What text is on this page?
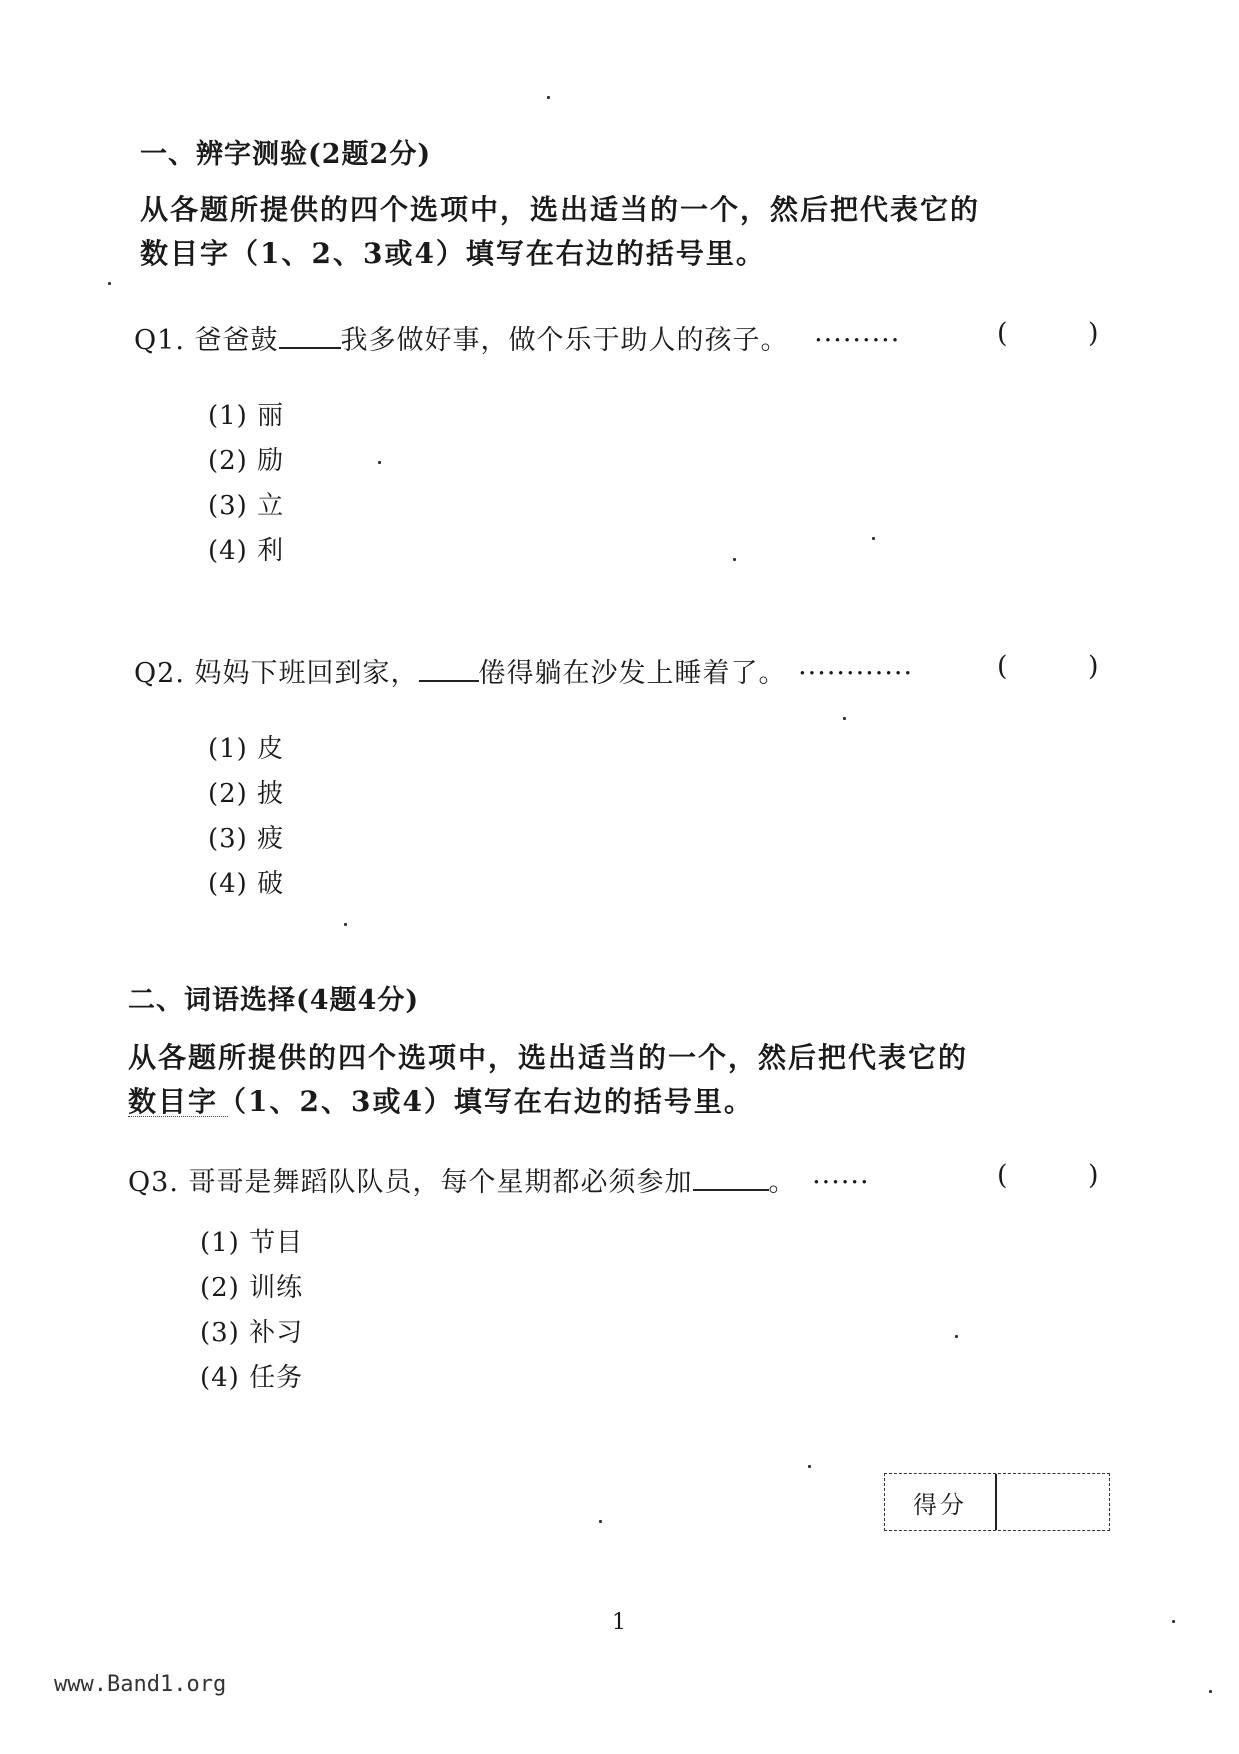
一、辨字测验(2题2分)
从各题所提供的四个选项中，选出适当的一个，然后把代表它的
数目字（1、2、3或4）填写在右边的括号里。
Q1. 爸爸鼓 我多做好事，做个乐于助人的孩子。 ·········	(	)
(1) 丽
(2) 励
(3) 立
(4) 利
Q2. 妈妈下班回到家， 倦得躺在沙发上睡着了。 ············	(	)
(1) 皮
(2) 披
(3) 疲
(4) 破
二、词语选择(4题4分)
从各题所提供的四个选项中，选出适当的一个，然后把代表它的
数目字（1、2、3或4）填写在右边的括号里。
Q3. 哥哥是舞蹈队队员，每个星期都必须参加	。 ······	(	)
(1) 节目
(2) 训练
(3) 补习
(4) 任务
得分
1
www.Band1.org
